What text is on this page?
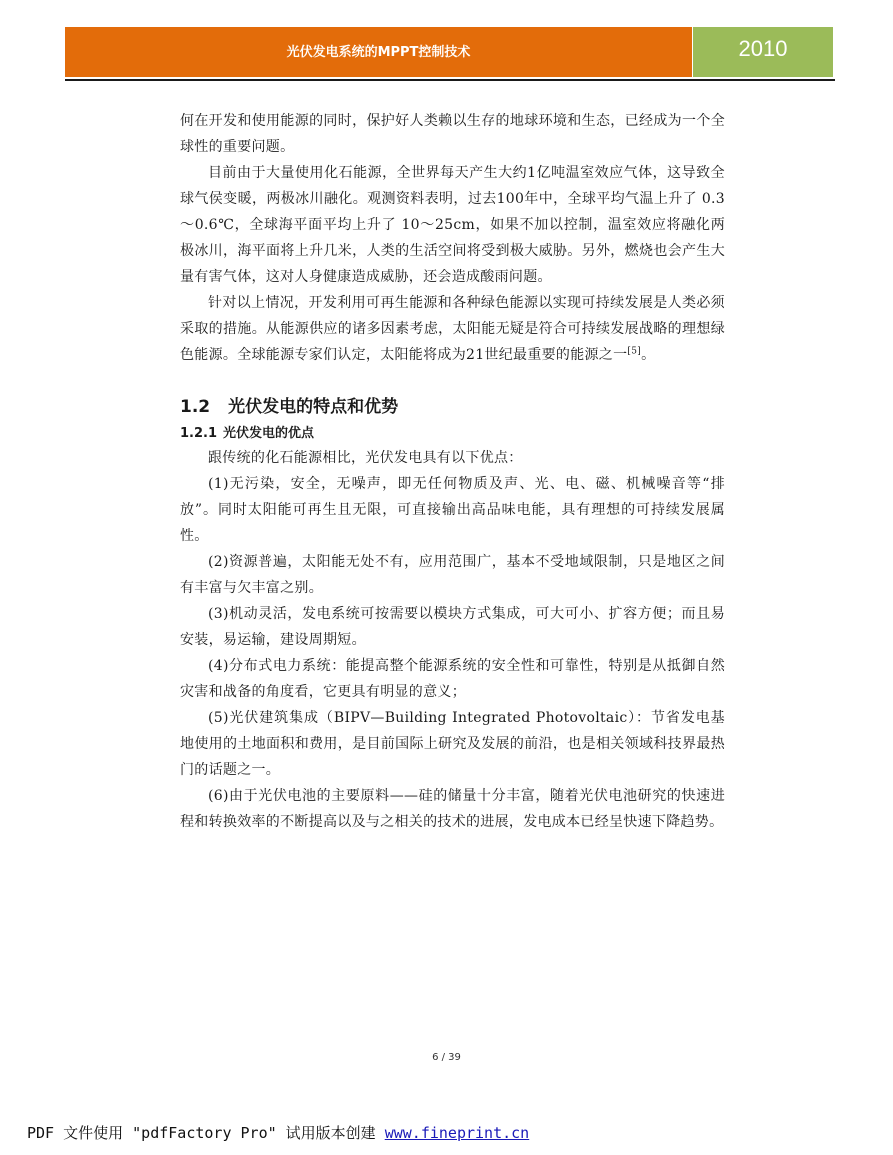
光伏发电系统的MPPT控制技术	2010

何在开发和使用能源的同时，保护好人类赖以生存的地球环境和生态，已经成为一个全球性的重要问题。

目前由于大量使用化石能源，全世界每天产生大约1亿吨温室效应气体，这导致全球气侯变暖，两极冰川融化。观测资料表明，过去100年中，全球平均气温上升了 0.3～0.6℃，全球海平面平均上升了 10～25cm，如果不加以控制，温室效应将融化两极冰川，海平面将上升几米，人类的生活空间将受到极大威胁。另外，燃烧也会产生大量有害气体，这对人身健康造成威胁，还会造成酸雨问题。

针对以上情况，开发利用可再生能源和各种绿色能源以实现可持续发展是人类必须采取的措施。从能源供应的诸多因素考虑，太阳能无疑是符合可持续发展战略的理想绿色能源。全球能源专家们认定，太阳能将成为21世纪最重要的能源之一[5]。

1.2 光伏发电的特点和优势
1.2.1 光伏发电的优点

跟传统的化石能源相比，光伏发电具有以下优点：

(1)无污染，安全，无噪声，即无任何物质及声、光、电、磁、机械噪音等“排放”。同时太阳能可再生且无限，可直接输出高品味电能，具有理想的可持续发展属性。

(2)资源普遍，太阳能无处不有，应用范围广，基本不受地域限制，只是地区之间有丰富与欠丰富之别。

(3)机动灵活，发电系统可按需要以模块方式集成，可大可小、扩容方便；而且易安装，易运输，建设周期短。

(4)分布式电力系统：能提高整个能源系统的安全性和可靠性，特别是从抵御自然灾害和战备的角度看，它更具有明显的意义；

(5)光伏建筑集成（BIPV—Building Integrated Photovoltaic）：节省发电基地使用的土地面积和费用，是目前国际上研究及发展的前沿，也是相关领域科技界最热门的话题之一。

(6)由于光伏电池的主要原料——硅的储量十分丰富，随着光伏电池研究的快速进程和转换效率的不断提高以及与之相关的技术的进展，发电成本已经呈快速下降趋势。

6 / 39
PDF 文件使用 "pdfFactory Pro" 试用版本创建 www.fineprint.cn
